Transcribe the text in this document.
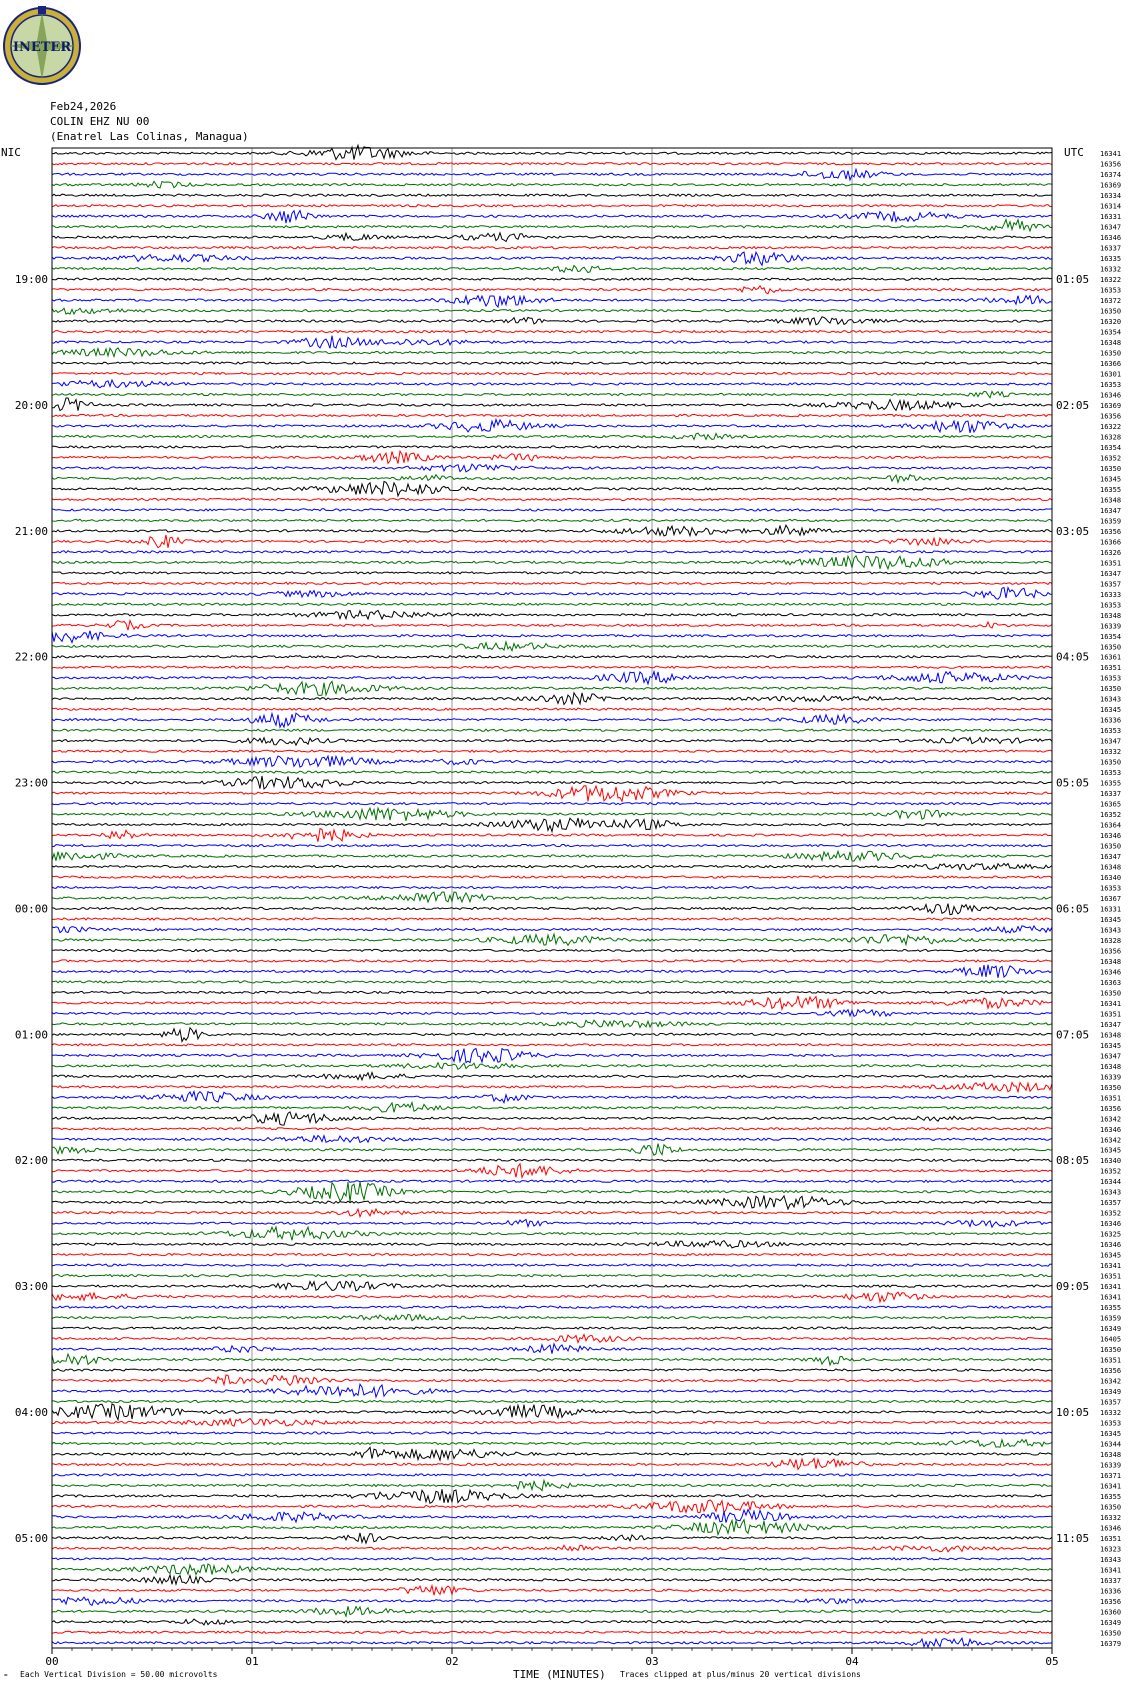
00	01	02	03	04	05
19:00
20:00
21:00
22:00
23:00
00:00
01:00
02:00
03:00
04:00
05:00
01:05
02:05
03:05
04:05
05:05
06:05
07:05
08:05
09:05
10:05
11:05
16341
16356
16374
16369
16334
16314
16331
16347
16346
16337
16335
16332
16322
16353
16372
16350
16320
16354
16348
16350
16366
16301
16353
16346
16369
16356
16322
16328
16354
16352
16350
16345
16355
16348
16347
16359
16356
16366
16326
16351
16347
16357
16333
16353
16348
16339
16354
16350
16361
16351
16353
16350
16343
16345
16336
16353
16347
16332
16350
16353
16355
16337
16365
16352
16364
16346
16350
16347
16348
16340
16353
16367
16331
16345
16343
16328
16356
16348
16346
16363
16350
16341
16351
16347
16348
16345
16347
16348
16339
16350
16351
16356
16342
16346
16342
16345
16340
16352
16344
16343
16357
16352
16346
16325
16346
16345
16341
16351
16341
16341
16355
16359
16349
16405
16350
16351
16356
16342
16349
16357
16332
16353
16345
16344
16348
16339
16371
16341
16355
16350
16332
16346
16351
16323
16343
16341
16337
16336
16356
16360
16349
16350
16379
INETER
Feb24,2026
COLIN EHZ NU 00
(Enatrel Las Colinas, Managua)
NIC	UTC
= Each Vertical Division = 50.00 microvolts	TIME (MINUTES) Traces clipped at plus/minus 20 vertical divisions
